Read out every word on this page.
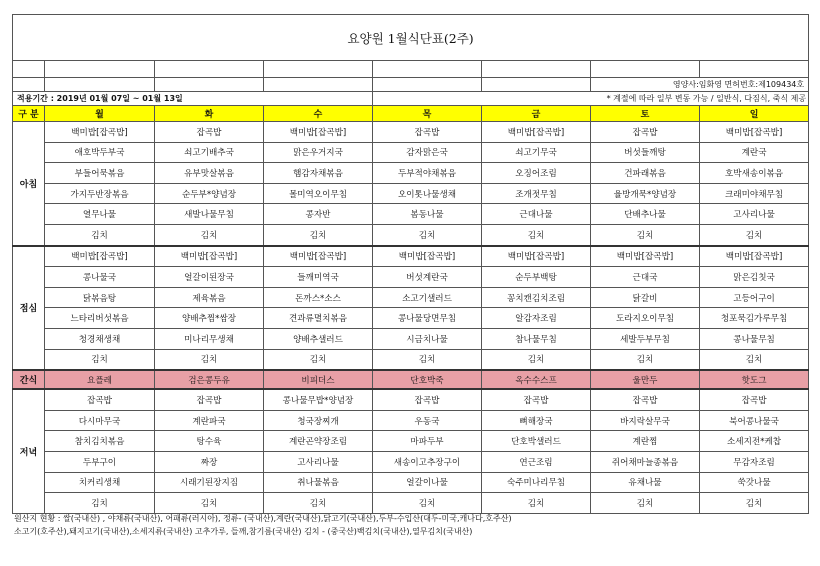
요양원 1월식단표(2주)							

						영양사:임화영 면허번호:제109434호	
적용기간 : 2019년 01월 07일 ~ 01월 13일				* 계절에 따라 일부 변동 가능 / 일반식, 다짐식, 죽식 제공			
구 분	월	화	수	목	금	토	일
아침	백미밥[잡곡밥]	잡곡밥	백미밥[잡곡밥]	잡곡밥	백미밥[잡곡밥]	잡곡밥	백미밥[잡곡밥]
	애호박두부국	쇠고기배추국	맑은우거지국	감자맑은국	쇠고기무국	버섯들깨탕	계란국
	부들어묵볶음	유부맛살볶음	햄감자채볶음	두부적야채볶음	오징어조림	건파래볶음	호박새송이볶음
	가지두반장볶음	순두부*양념장	몰미역오이무침	오이톳나물생채	조개젓무침	율방개묵*양념장	크래미야채무침
	열무나물	새발나물무침	콩자반	봄동나물	근대나물	단배추나물	고사리나물
	김치	김치	김치	김치	김치	김치	김치
점심	백미밥[잡곡밥]	백미밥[잡곡밥]	백미밥[잡곡밥]	백미밥[잡곡밥]	백미밥[잡곡밥]	백미밥[잡곡밥]	백미밥[잡곡밥]
	콩나물국	얼갈이된장국	들깨미역국	버섯계란국	순두부백탕	근대국	맑은김칫국
	닭볶음탕	제육볶음	돈까스*소스	소고기샐러드	꽁치캔김치조림	닭갈비	고등어구이
	느타리버섯볶음	양배추찜*쌈장	견과류멸치볶음	콩나물당면무침	알감자조림	도라지오이무침	청포묵김가루무침
	청경채생채	미나리무생채	양배추샐러드	시금치나물	참나물무침	세발두부무침	콩나물무침
	김치	김치	김치	김치	김치	김치	김치
간식	요플레	검은콩두유	비피더스	단호박죽	옥수수스프	울만두	핫도그
저녁	잡곡밥	잡곡밥	콩나물무밥*양념장	잡곡밥	잡곡밥	잡곡밥	잡곡밥
	다시마무국	계란파국	청국장찌개	우동국	뼈해장국	바지락살무국	북어콩나물국
	참치김치볶음	탕수육	계란곤약장조림	마파두부	단호박샐러드	계란찜	소세지전*케찹
	두부구이	짜장	고사리나물	새송이고추장구이	연근조림	쥐어채마늘종볶음	무감자조림
	치커리생채	시래기된장지짐	취나물볶음	얼갈이나물	숙주미나리무침	유채나물	쑥갓나물
	김치	김치	김치	김치	김치	김치	김치
원산지 현황 : 쌀(국내산) , 야채류(국내산), 어패류(러시아), 정류- (국내산),계란(국내산),닭고기(국내산),두부-수입산(대두-미국,캐나다,호주산)
소고기(호주산),돼지고기(국내산),소세지류(국내산) 고추가루, 들깨,참기름(국내산) 김치 - (중국산)백김치(국내산),열무김치(국내산)
